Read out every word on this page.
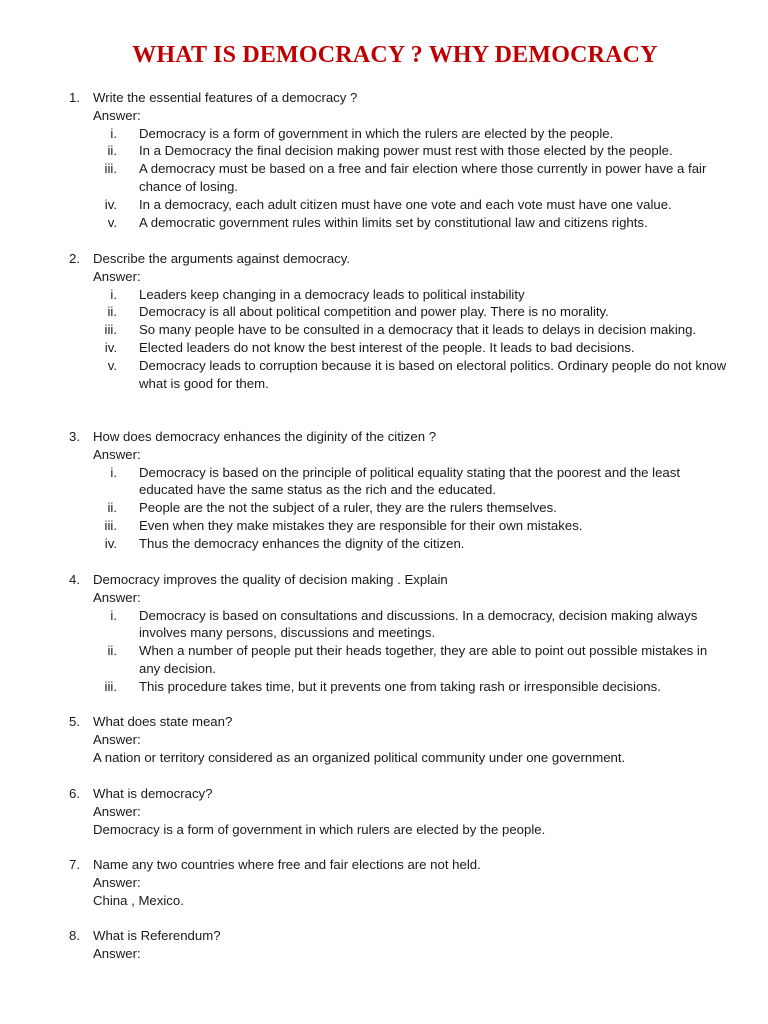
WHAT IS DEMOCRACY ? WHY DEMOCRACY
1. Write the essential features of a democracy ?
Answer:
i. Democracy is a form of government in which the rulers are elected by the people.
ii. In a Democracy the final decision making power must rest with those elected by the people.
iii. A democracy must be based on a free and fair election where those currently in power have a fair chance of losing.
iv. In a democracy, each adult citizen must have one vote and each vote must have one value.
v. A democratic government rules within limits set by constitutional law and citizens rights.
2. Describe the arguments against democracy.
Answer:
i. Leaders keep changing in a democracy leads to political instability
ii. Democracy is all about political competition and power play. There is no morality.
iii. So many people have to be consulted in a democracy that it leads to delays in decision making.
iv. Elected leaders do not know the best interest of the people. It leads to bad decisions.
v. Democracy leads to corruption because it is based on electoral politics. Ordinary people do not know what is good for them.
3. How does democracy enhances the diginity of the citizen ?
Answer:
i. Democracy is based on the principle of political equality stating that the poorest and the least educated have the same status as the rich and the educated.
ii. People are the not the subject of a ruler, they are the rulers themselves.
iii. Even when they make mistakes they are responsible for their own mistakes.
iv. Thus the democracy enhances the dignity of the citizen.
4. Democracy improves the quality of decision making . Explain
Answer:
i. Democracy is based on consultations and discussions. In a democracy, decision making always involves many persons, discussions and meetings.
ii. When a number of people put their heads together, they are able to point out possible mistakes in any decision.
iii. This procedure takes time, but it prevents one from taking rash or irresponsible decisions.
5. What does state mean?
Answer:
A nation or territory considered as an organized political community under one government.
6. What is democracy?
Answer:
Democracy is a form of government in which rulers are elected by the people.
7. Name any two countries where free and fair elections are not held.
Answer:
China , Mexico.
8. What is Referendum?
Answer:
